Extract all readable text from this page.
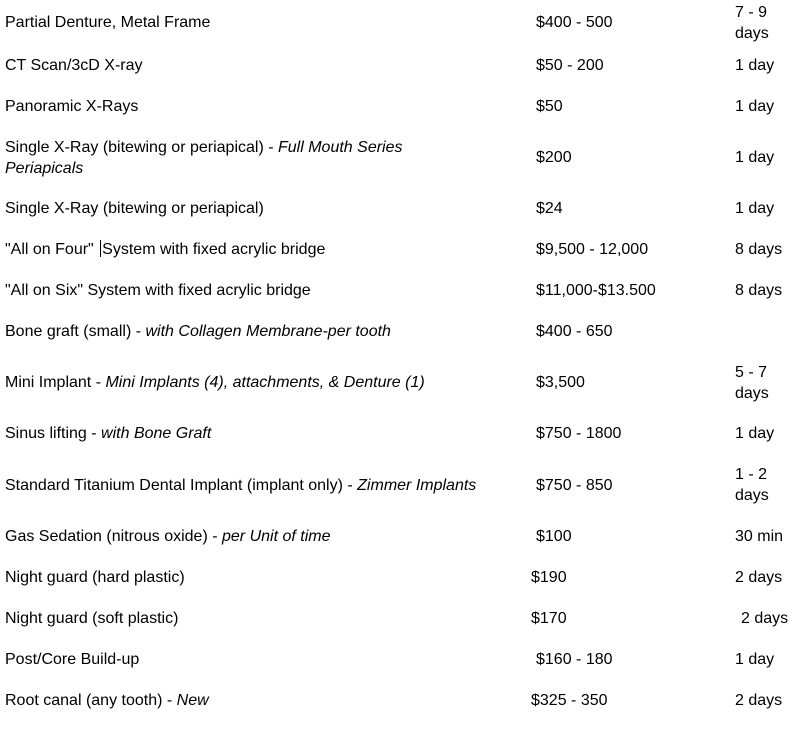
Partial Denture, Metal Frame	$400 - 500	7 - 9 days

CT Scan/3cD X-ray	$50 - 200	1 day

Panoramic X-Rays	$50	1 day

Single X-Ray (bitewing or periapical) - Full Mouth Series Periapicals	$200	1 day

Single X-Ray (bitewing or periapical)	$24	1 day

"All on Four" System with fixed acrylic bridge	$9,500 - 12,000	8 days

"All on Six" System with fixed acrylic bridge	$11,000-$13.500	8 days

Bone graft (small) - with Collagen Membrane-per tooth	$400 - 650	

Mini Implant - Mini Implants (4), attachments, & Denture (1)	$3,500	5 - 7 days

Sinus lifting - with Bone Graft	$750 - 1800	1 day

Standard Titanium Dental Implant (implant only) - Zimmer Implants	$750 - 850	1 - 2 days

Gas Sedation (nitrous oxide) - per Unit of time	$100	30 min

Night guard (hard plastic)	$190	2 days

Night guard (soft plastic)	$170	2 days

Post/Core Build-up	$160 - 180	1 day

Root canal (any tooth) - New	$325 - 350	2 days
